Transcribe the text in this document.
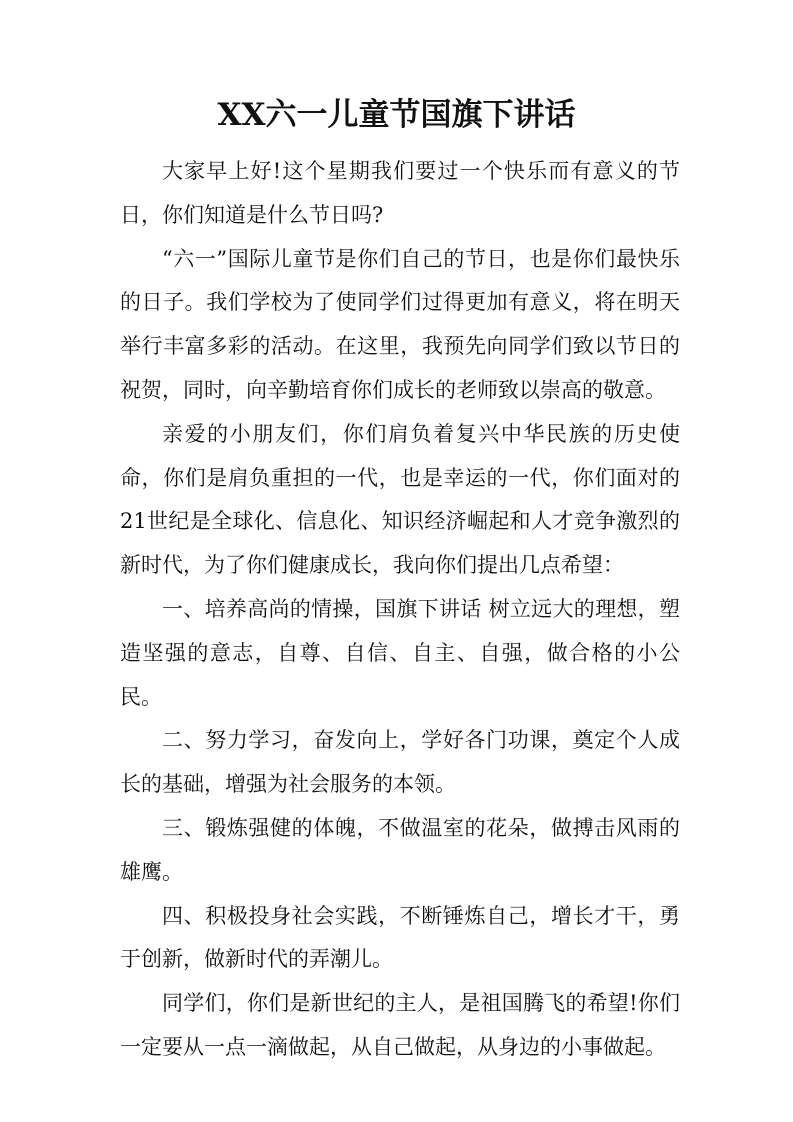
XX六一儿童节国旗下讲话

大家早上好!这个星期我们要过一个快乐而有意义的节日，你们知道是什么节日吗?

“六一”国际儿童节是你们自己的节日，也是你们最快乐的日子。我们学校为了使同学们过得更加有意义，将在明天举行丰富多彩的活动。在这里，我预先向同学们致以节日的祝贺，同时，向辛勤培育你们成长的老师致以崇高的敬意。

亲爱的小朋友们，你们肩负着复兴中华民族的历史使命，你们是肩负重担的一代，也是幸运的一代，你们面对的21世纪是全球化、信息化、知识经济崛起和人才竞争激烈的新时代，为了你们健康成长，我向你们提出几点希望：

一、培养高尚的情操，国旗下讲话 树立远大的理想，塑造坚强的意志，自尊、自信、自主、自强，做合格的小公民。

二、努力学习，奋发向上，学好各门功课，奠定个人成长的基础，增强为社会服务的本领。

三、锻炼强健的体魄，不做温室的花朵，做搏击风雨的雄鹰。

四、积极投身社会实践，不断锤炼自己，增长才干，勇于创新，做新时代的弄潮儿。

同学们，你们是新世纪的主人，是祖国腾飞的希望!你们一定要从一点一滴做起，从自己做起，从身边的小事做起。
